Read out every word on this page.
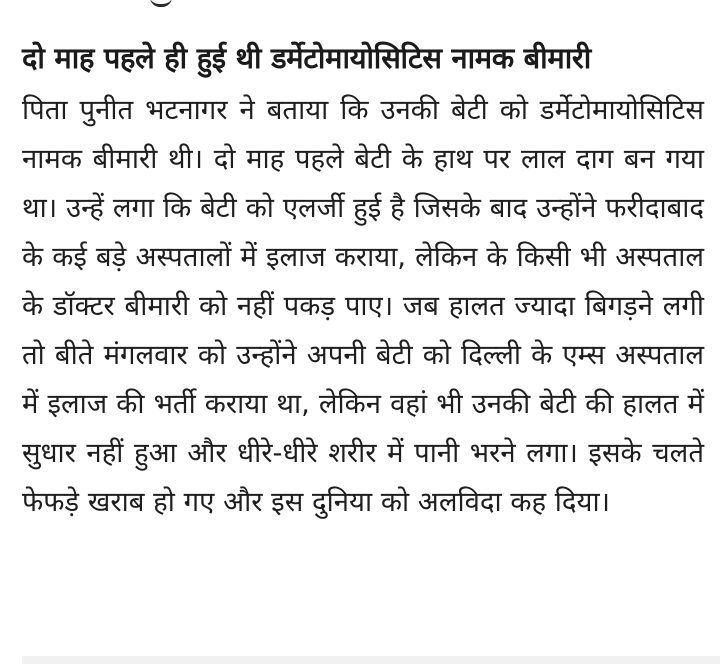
दो माह पहले ही हुई थी डर्मेटोमायोसिटिस नामक बीमारी

पिता पुनीत भटनागर ने बताया कि उनकी बेटी को डर्मेटोमायोसिटिस नामक बीमारी थी। दो माह पहले बेटी के हाथ पर लाल दाग बन गया था। उन्हें लगा कि बेटी को एलर्जी हुई है जिसके बाद उन्होंने फरीदाबाद के कई बड़े अस्पतालों में इलाज कराया, लेकिन के किसी भी अस्पताल के डॉक्टर बीमारी को नहीं पकड़ पाए। जब हालत ज्यादा बिगड़ने लगी तो बीते मंगलवार को उन्होंने अपनी बेटी को दिल्ली के एम्स अस्पताल में इलाज की भर्ती कराया था, लेकिन वहां भी उनकी बेटी की हालत में सुधार नहीं हुआ और धीरे-धीरे शरीर में पानी भरने लगा। इसके चलते फेफड़े खराब हो गए और इस दुनिया को अलविदा कह दिया।
